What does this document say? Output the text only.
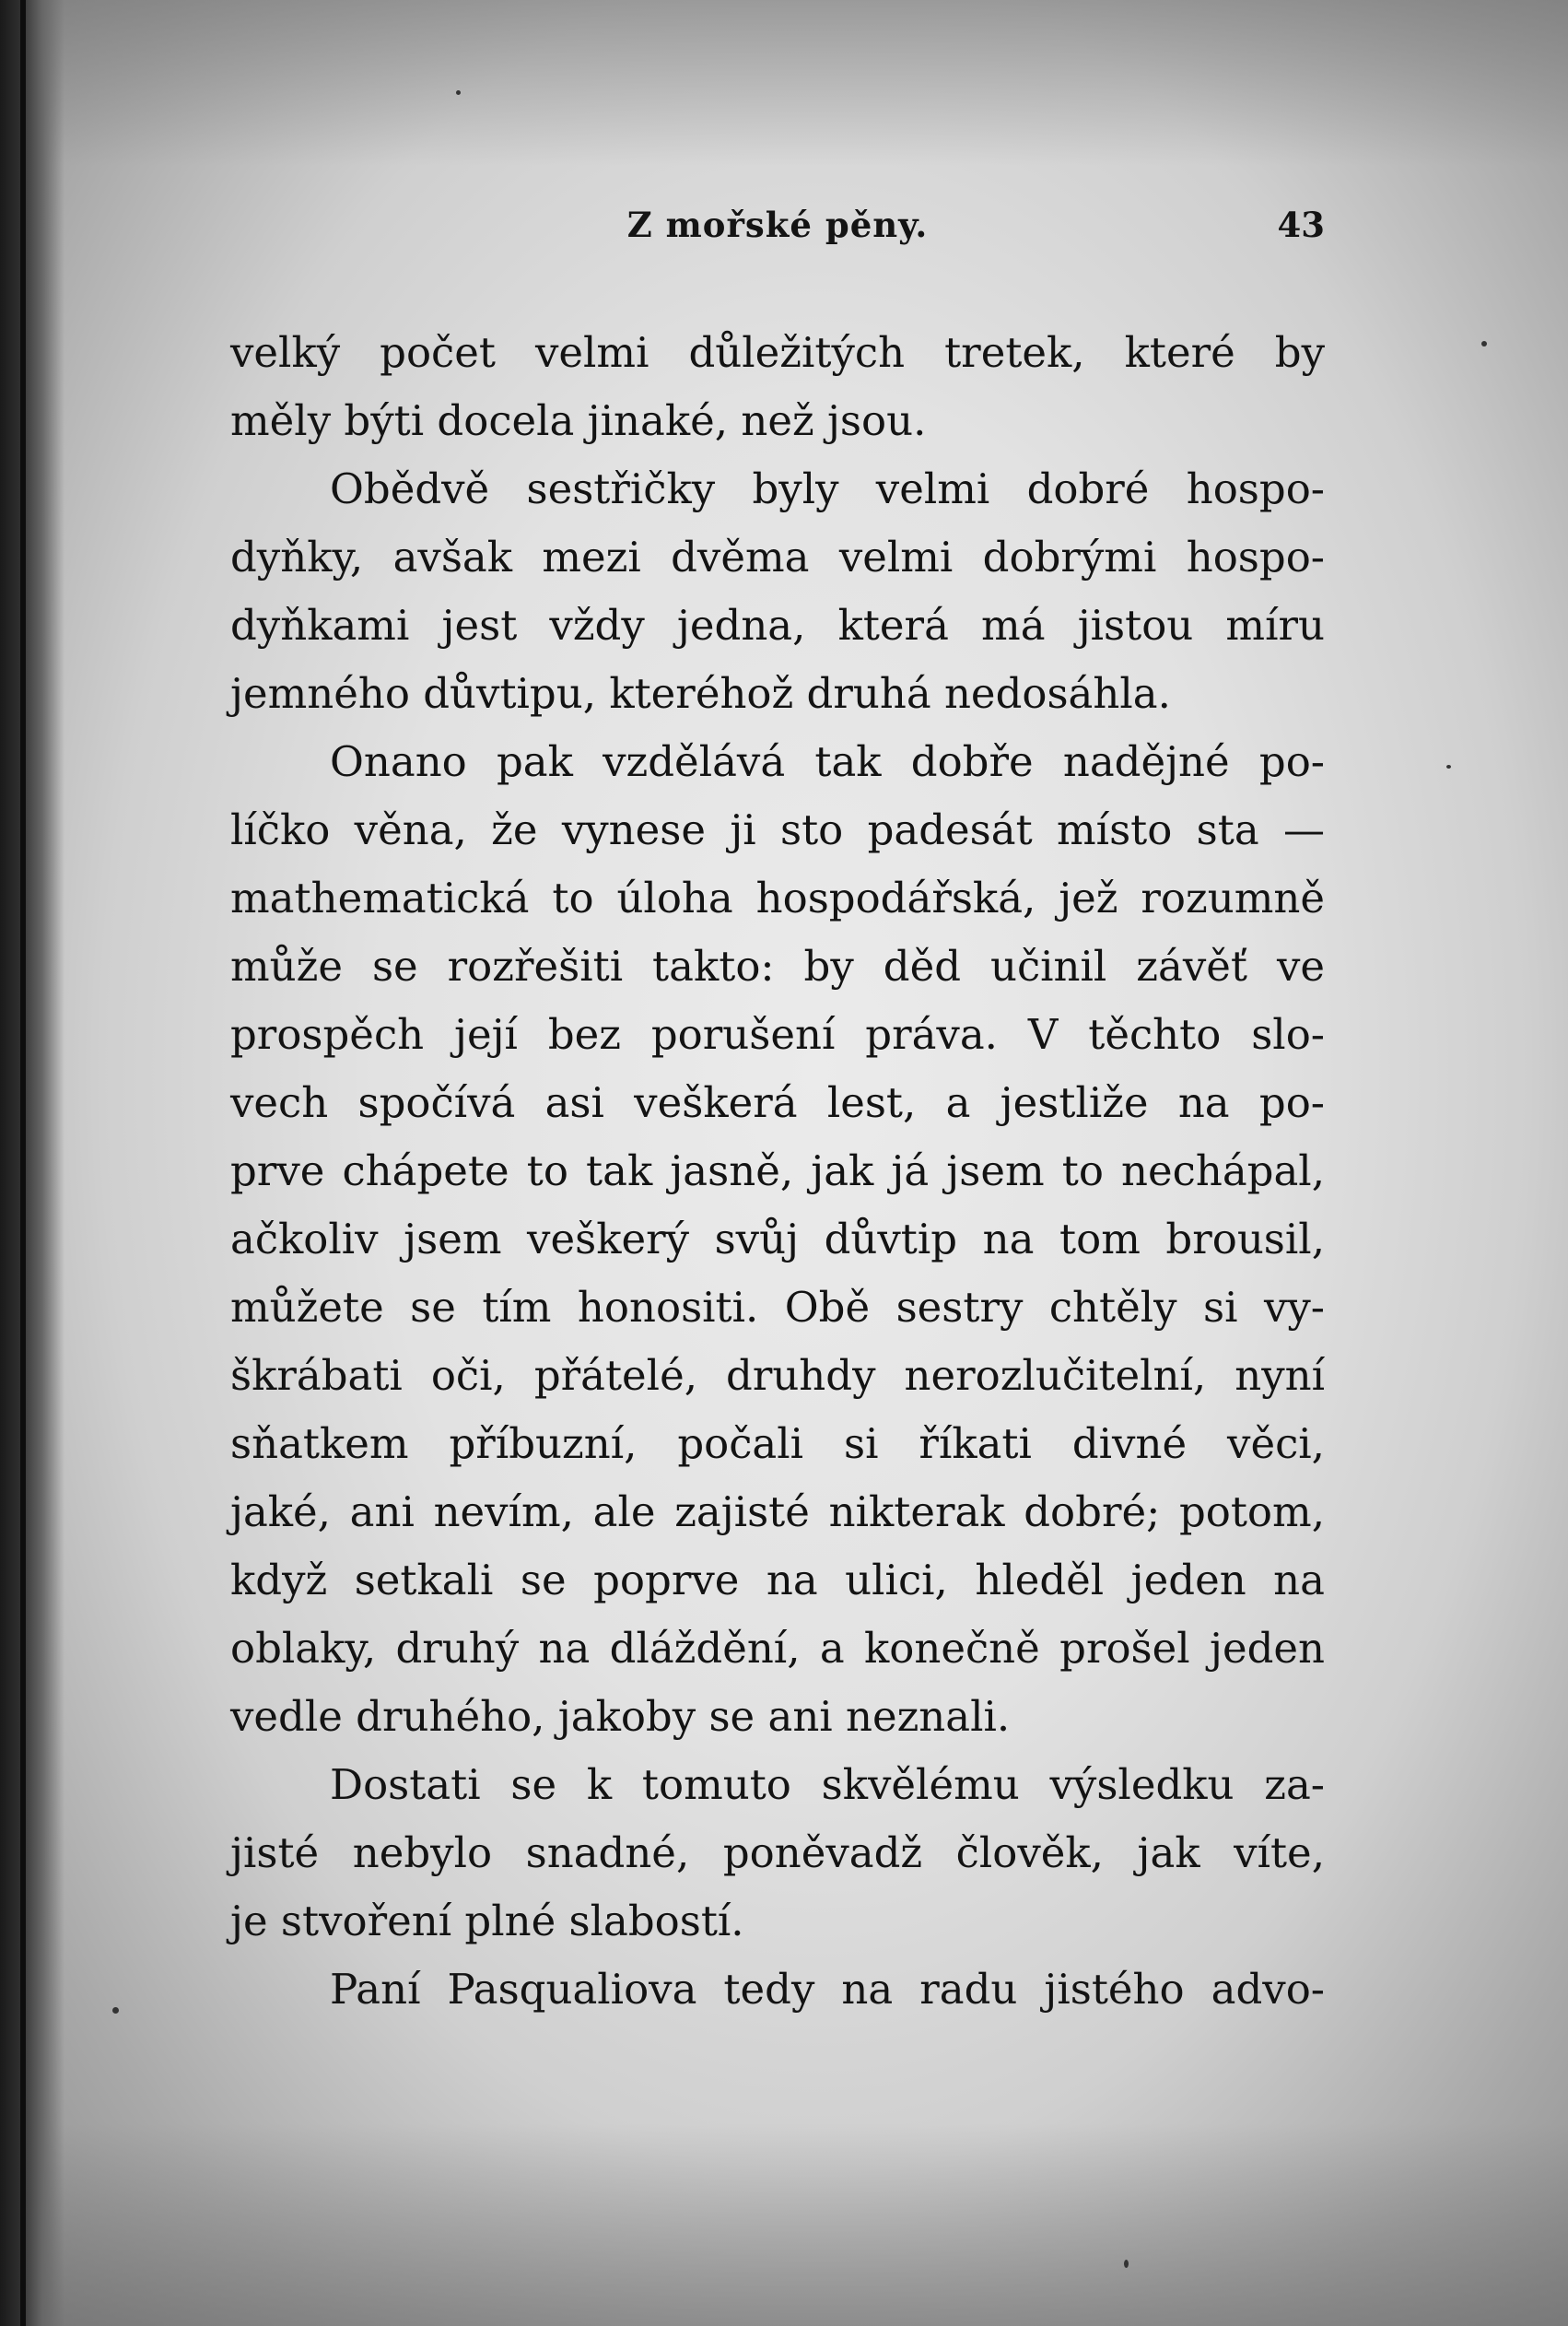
Z mořské pěny.	43
velký počet velmi důležitých tretek, které by
měly býti docela jinaké, než jsou.
Obědvě sestřičky byly velmi dobré hospo-
dyňky, avšak mezi dvěma velmi dobrými hospo-
dyňkami jest vždy jedna, která má jistou míru
jemného důvtipu, kteréhož druhá nedosáhla.
Onano pak vzdělává tak dobře nadějné po-
líčko věna, že vynese ji sto padesát místo sta —
mathematická to úloha hospodářská, jež rozumně
může se rozřešiti takto: by děd učinil závěť ve
prospěch její bez porušení práva. V těchto slo-
vech spočívá asi veškerá lest, a jestliže na po-
prve chápete to tak jasně, jak já jsem to nechápal,
ačkoliv jsem veškerý svůj důvtip na tom brousil,
můžete se tím honositi. Obě sestry chtěly si vy-
škrábati oči, přátelé, druhdy nerozlučitelní, nyní
sňatkem příbuzní, počali si říkati divné věci,
jaké, ani nevím, ale zajisté nikterak dobré; potom,
když setkali se poprve na ulici, hleděl jeden na
oblaky, druhý na dláždění, a konečně prošel jeden
vedle druhého, jakoby se ani neznali.
Dostati se k tomuto skvělému výsledku za-
jisté nebylo snadné, poněvadž člověk, jak víte,
je stvoření plné slabostí.
Paní Pasqualiova tedy na radu jistého advo-
